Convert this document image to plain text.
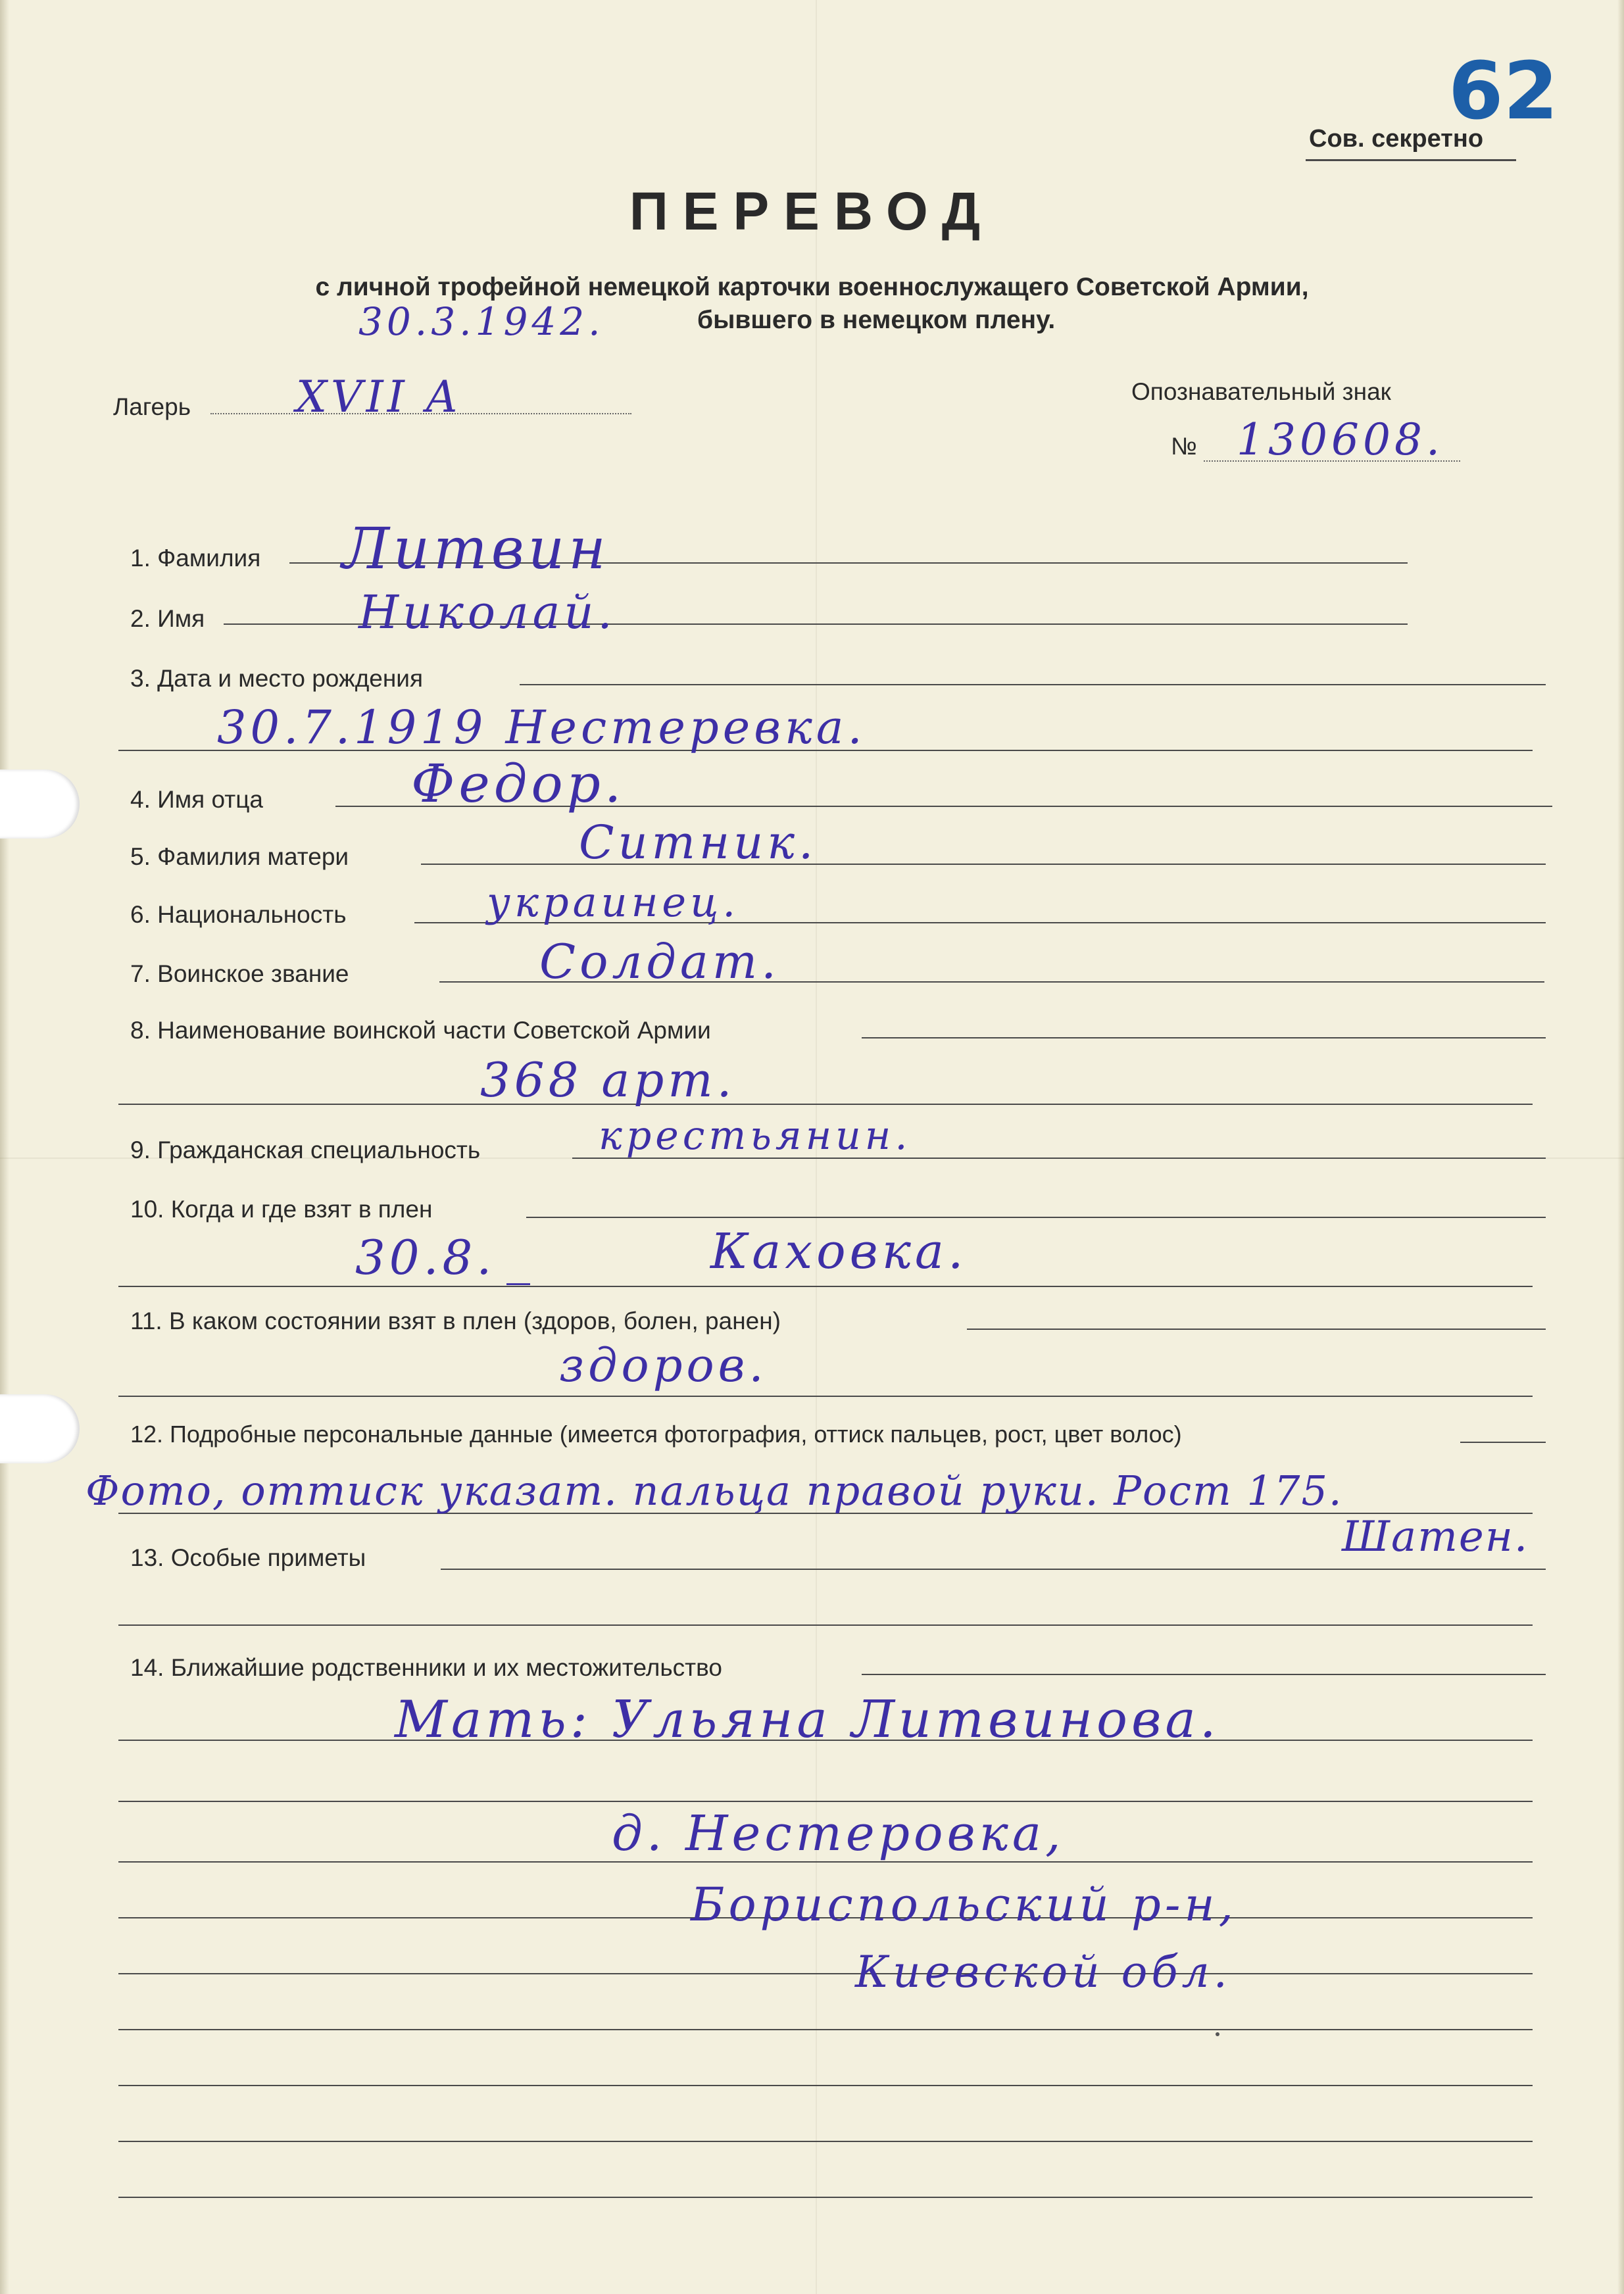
62
Сов. секретно
ПЕРЕВОД
с личной трофейной немецкой карточки военнослужащего Советской Армии,
бывшего в немецком плену.
30.3.1942.
Лагерь XVII A	Опознавательный знак
№ 130608.
1. Фамилия Литвин
2. Имя	Николай.
3. Дата и место рождения
30.7.1919 Нестеревка.
4. Имя отца	Федор.
5. Фамилия матери	Ситник.
6. Национальность	украинец.
7. Воинское звание	Солдат.
8. Наименование воинской части Советской Армии
368 арт.
9. Гражданская специальность	крестьянин.
10. Когда и где взят в плен
30.8. _	Каховка.
11. В каком состоянии взят в плен (здоров, болен, ранен)
здоров.
12. Подробные персональные данные (имеется фотография, оттиск пальцев, рост, цвет волос)
Фото, оттиск указат. пальца правой руки. Рост 175.
13. Особые приметы	Шатен.
14. Ближайшие родственники и их местожительство
Мать: Ульяна Литвинова.
д. Нестеровка,
Бориспольский р-н,
Киевской обл.
